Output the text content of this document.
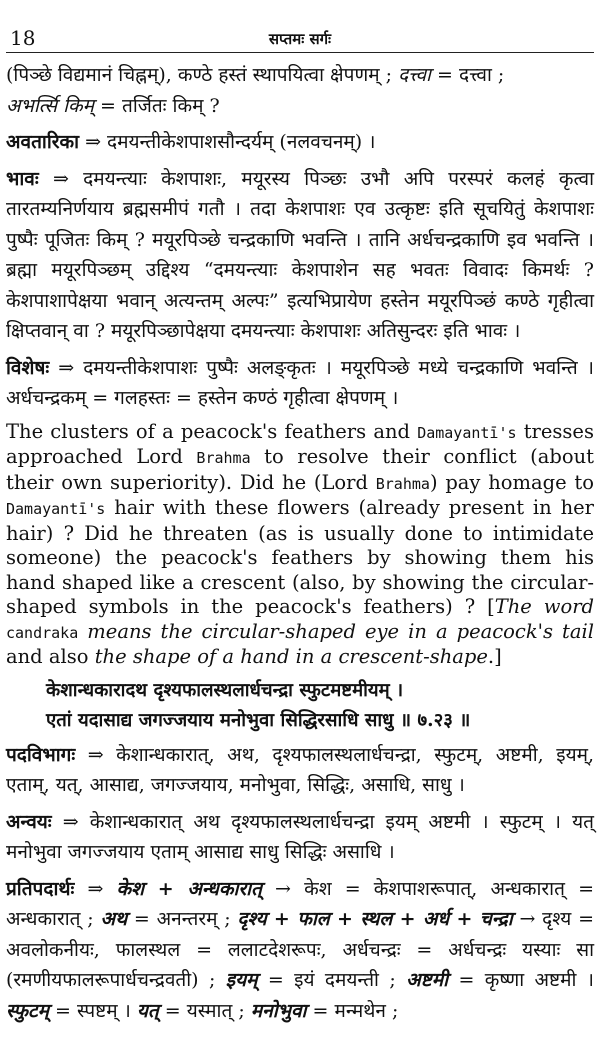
18	सप्तमः सर्गः

(पिञ्छे विद्यमानं चिह्नम्), कण्ठे हस्तं स्थापयित्वा क्षेपणम् ; दत्त्वा = दत्त्वा ;
अभर्त्सि किम् = तर्जितः किम् ?

अवतारिका ⇒ दमयन्तीकेशपाशसौन्दर्यम् (नलवचनम्) ।

भावः ⇒ दमयन्त्याः केशपाशः, मयूरस्य पिञ्छः उभौ अपि परस्परं कलहं कृत्वा तारतम्यनिर्णयाय ब्रह्मसमीपं गतौ । तदा केशपाशः एव उत्कृष्टः इति सूचयितुं केशपाशः पुष्पैः पूजितः किम् ? मयूरपिञ्छे चन्द्रकाणि भवन्ति । तानि अर्धचन्द्रकाणि इव भवन्ति । ब्रह्मा मयूरपिञ्छम् उद्दिश्य “दमयन्त्याः केशपाशेन सह भवतः विवादः किमर्थः ? केशपाशापेक्षया भवान् अत्यन्तम् अल्पः” इत्यभिप्रायेण हस्तेन मयूरपिञ्छं कण्ठे गृहीत्वा क्षिप्तवान् वा ? मयूरपिञ्छापेक्षया दमयन्त्याः केशपाशः अतिसुन्दरः इति भावः ।

विशेषः ⇒ दमयन्तीकेशपाशः पुष्पैः अलङ्कृतः । मयूरपिञ्छे मध्ये चन्द्रकाणि भवन्ति । अर्धचन्द्रकम् = गलहस्तः = हस्तेन कण्ठं गृहीत्वा क्षेपणम् ।

The clusters of a peacock's feathers and Damayantī's tresses approached Lord Brahma to resolve their conflict (about their own superiority). Did he (Lord Brahma) pay homage to Damayantī's hair with these flowers (already present in her hair) ? Did he threaten (as is usually done to intimidate someone) the peacock's feathers by showing them his hand shaped like a crescent (also, by showing the circular-shaped symbols in the peacock's feathers) ? [The word candraka means the circular-shaped eye in a peacock's tail and also the shape of a hand in a crescent-shape.]

केशान्धकारादथ दृश्यफालस्थलार्धचन्द्रा स्फुटमष्टमीयम् ।
एतां यदासाद्य जगज्जयाय मनोभुवा सिद्धिरसाधि साधु ॥ ७.२३ ॥

पदविभागः ⇒ केशान्धकारात्, अथ, दृश्यफालस्थलार्धचन्द्रा, स्फुटम्, अष्टमी, इयम्, एताम्, यत्, आसाद्य, जगज्जयाय, मनोभुवा, सिद्धिः, असाधि, साधु ।

अन्वयः ⇒ केशान्धकारात् अथ दृश्यफालस्थलार्धचन्द्रा इयम् अष्टमी । स्फुटम् । यत् मनोभुवा जगज्जयाय एताम् आसाद्य साधु सिद्धिः असाधि ।

प्रतिपदार्थः ⇒ केश + अन्धकारात् → केश = केशपाशरूपात्, अन्धकारात् = अन्धकारात् ; अथ = अनन्तरम् ; दृश्य + फाल + स्थल + अर्ध + चन्द्रा → दृश्य = अवलोकनीयः, फालस्थल = ललाटदेशरूपः, अर्धचन्द्रः = अर्धचन्द्रः यस्याः सा (रमणीयफालरूपार्धचन्द्रवती) ; इयम् = इयं दमयन्ती ; अष्टमी = कृष्णा अष्टमी । स्फुटम् = स्पष्टम् । यत् = यस्मात् ; मनोभुवा = मन्मथेन ;
